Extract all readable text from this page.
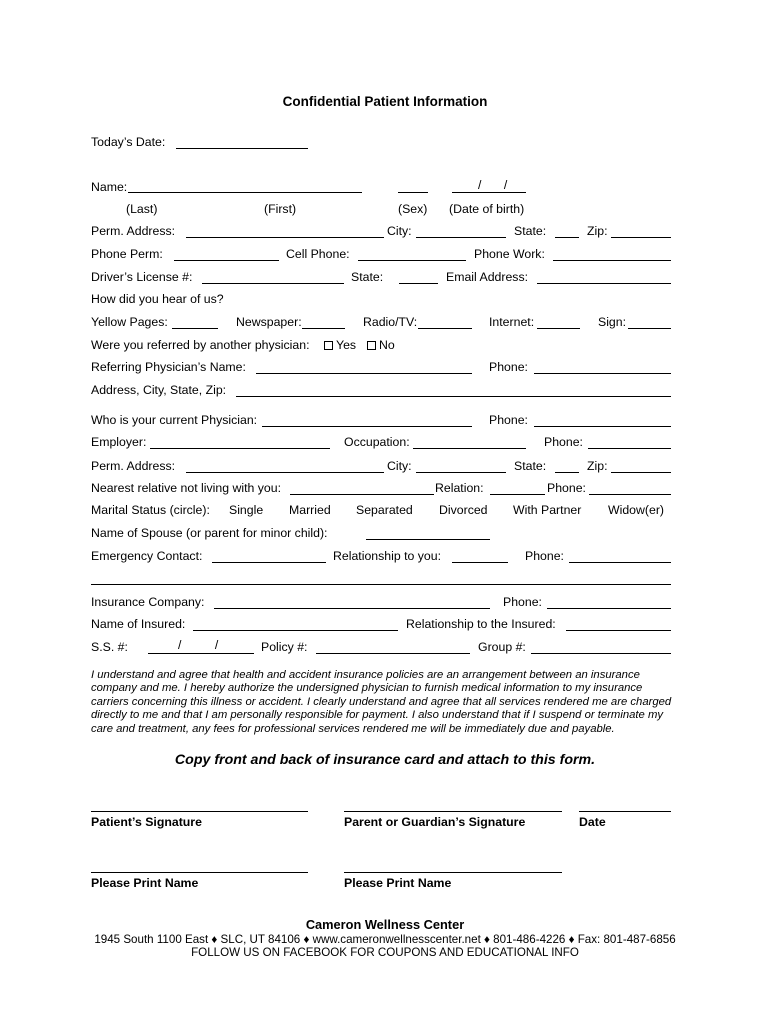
Confidential Patient Information
Today’s Date:
Name:	/ /
(Last)	(First)	(Sex) (Date of birth)
Perm. Address:	City:	State:	Zip:
Phone Perm:	Cell Phone:	Phone Work:
Driver’s License #:	State:	Email Address:
How did you hear of us?
Yellow Pages:	Newspaper:	Radio/TV:	Internet:	Sign:
Were you referred by another physician:	Yes	No
Referring Physician’s Name:	Phone:
Address, City, State, Zip:
Who is your current Physician:	Phone:
Employer:	Occupation:	Phone:
Perm. Address:	City:	State:	Zip:
Nearest relative not living with you:	Relation:	Phone:
Marital Status (circle): Single Married Separated Divorced With Partner Widow(er)
Name of Spouse (or parent for minor child):
Emergency Contact:	Relationship to you:	Phone:
Insurance Company:	Phone:
Name of Insured:	Relationship to the Insured:
S.S. #:	/ /	Policy #:	Group #:
I understand and agree that health and accident insurance policies are an arrangement between an insurance
company and me. I hereby authorize the undersigned physician to furnish medical information to my insurance
carriers concerning this illness or accident. I clearly understand and agree that all services rendered me are charged
directly to me and that I am personally responsible for payment. I also understand that if I suspend or terminate my
care and treatment, any fees for professional services rendered me will be immediately due and payable.
Copy front and back of insurance card and attach to this form.
Patient’s Signature	Parent or Guardian’s Signature	Date
Please Print Name	Please Print Name
Cameron Wellness Center
1945 South 1100 East ♦ SLC, UT 84106 ♦ www.cameronwellnesscenter.net ♦ 801-486-4226 ♦ Fax: 801-487-6856
FOLLOW US ON FACEBOOK FOR COUPONS AND EDUCATIONAL INFO
